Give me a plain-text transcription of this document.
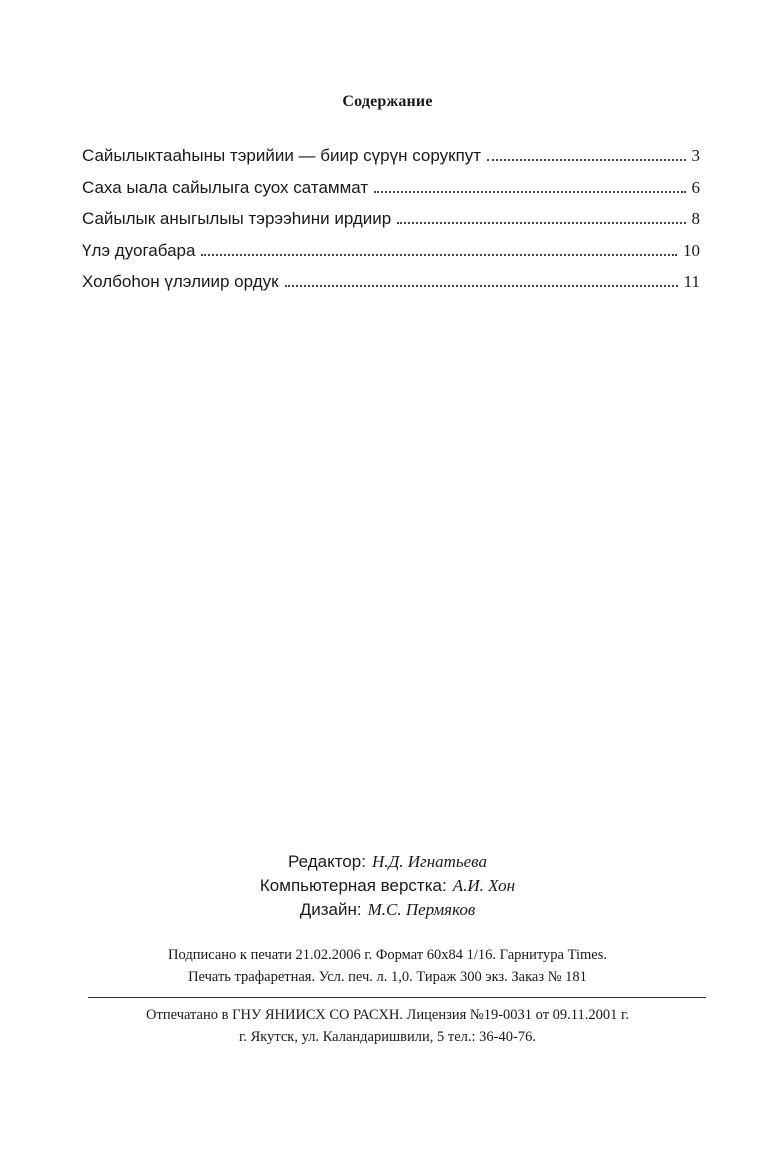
Содержание
Сайылыктааhыны тэрийии — биир сүрүн сорукпут	3
Саха ыала сайылыга суох сатаммат	6
Сайылык аныгылыы тэрээhини ирдиир	8
Үлэ дуогабара	10
Холбоhон үлэлиир ордук	11
Редактор: Н.Д. Игнатьева
Компьютерная верстка: А.И. Хон
Дизайн: М.С. Пермяков
Подписано к печати 21.02.2006 г. Формат 60х84 1/16. Гарнитура Times.
Печать трафаретная. Усл. печ. л. 1,0. Тираж 300 экз. Заказ № 181
Отпечатано в ГНУ ЯНИИСХ СО РАСХН. Лицензия №19-0031 от 09.11.2001 г.
г. Якутск, ул. Каландаришвили, 5 тел.: 36-40-76.
